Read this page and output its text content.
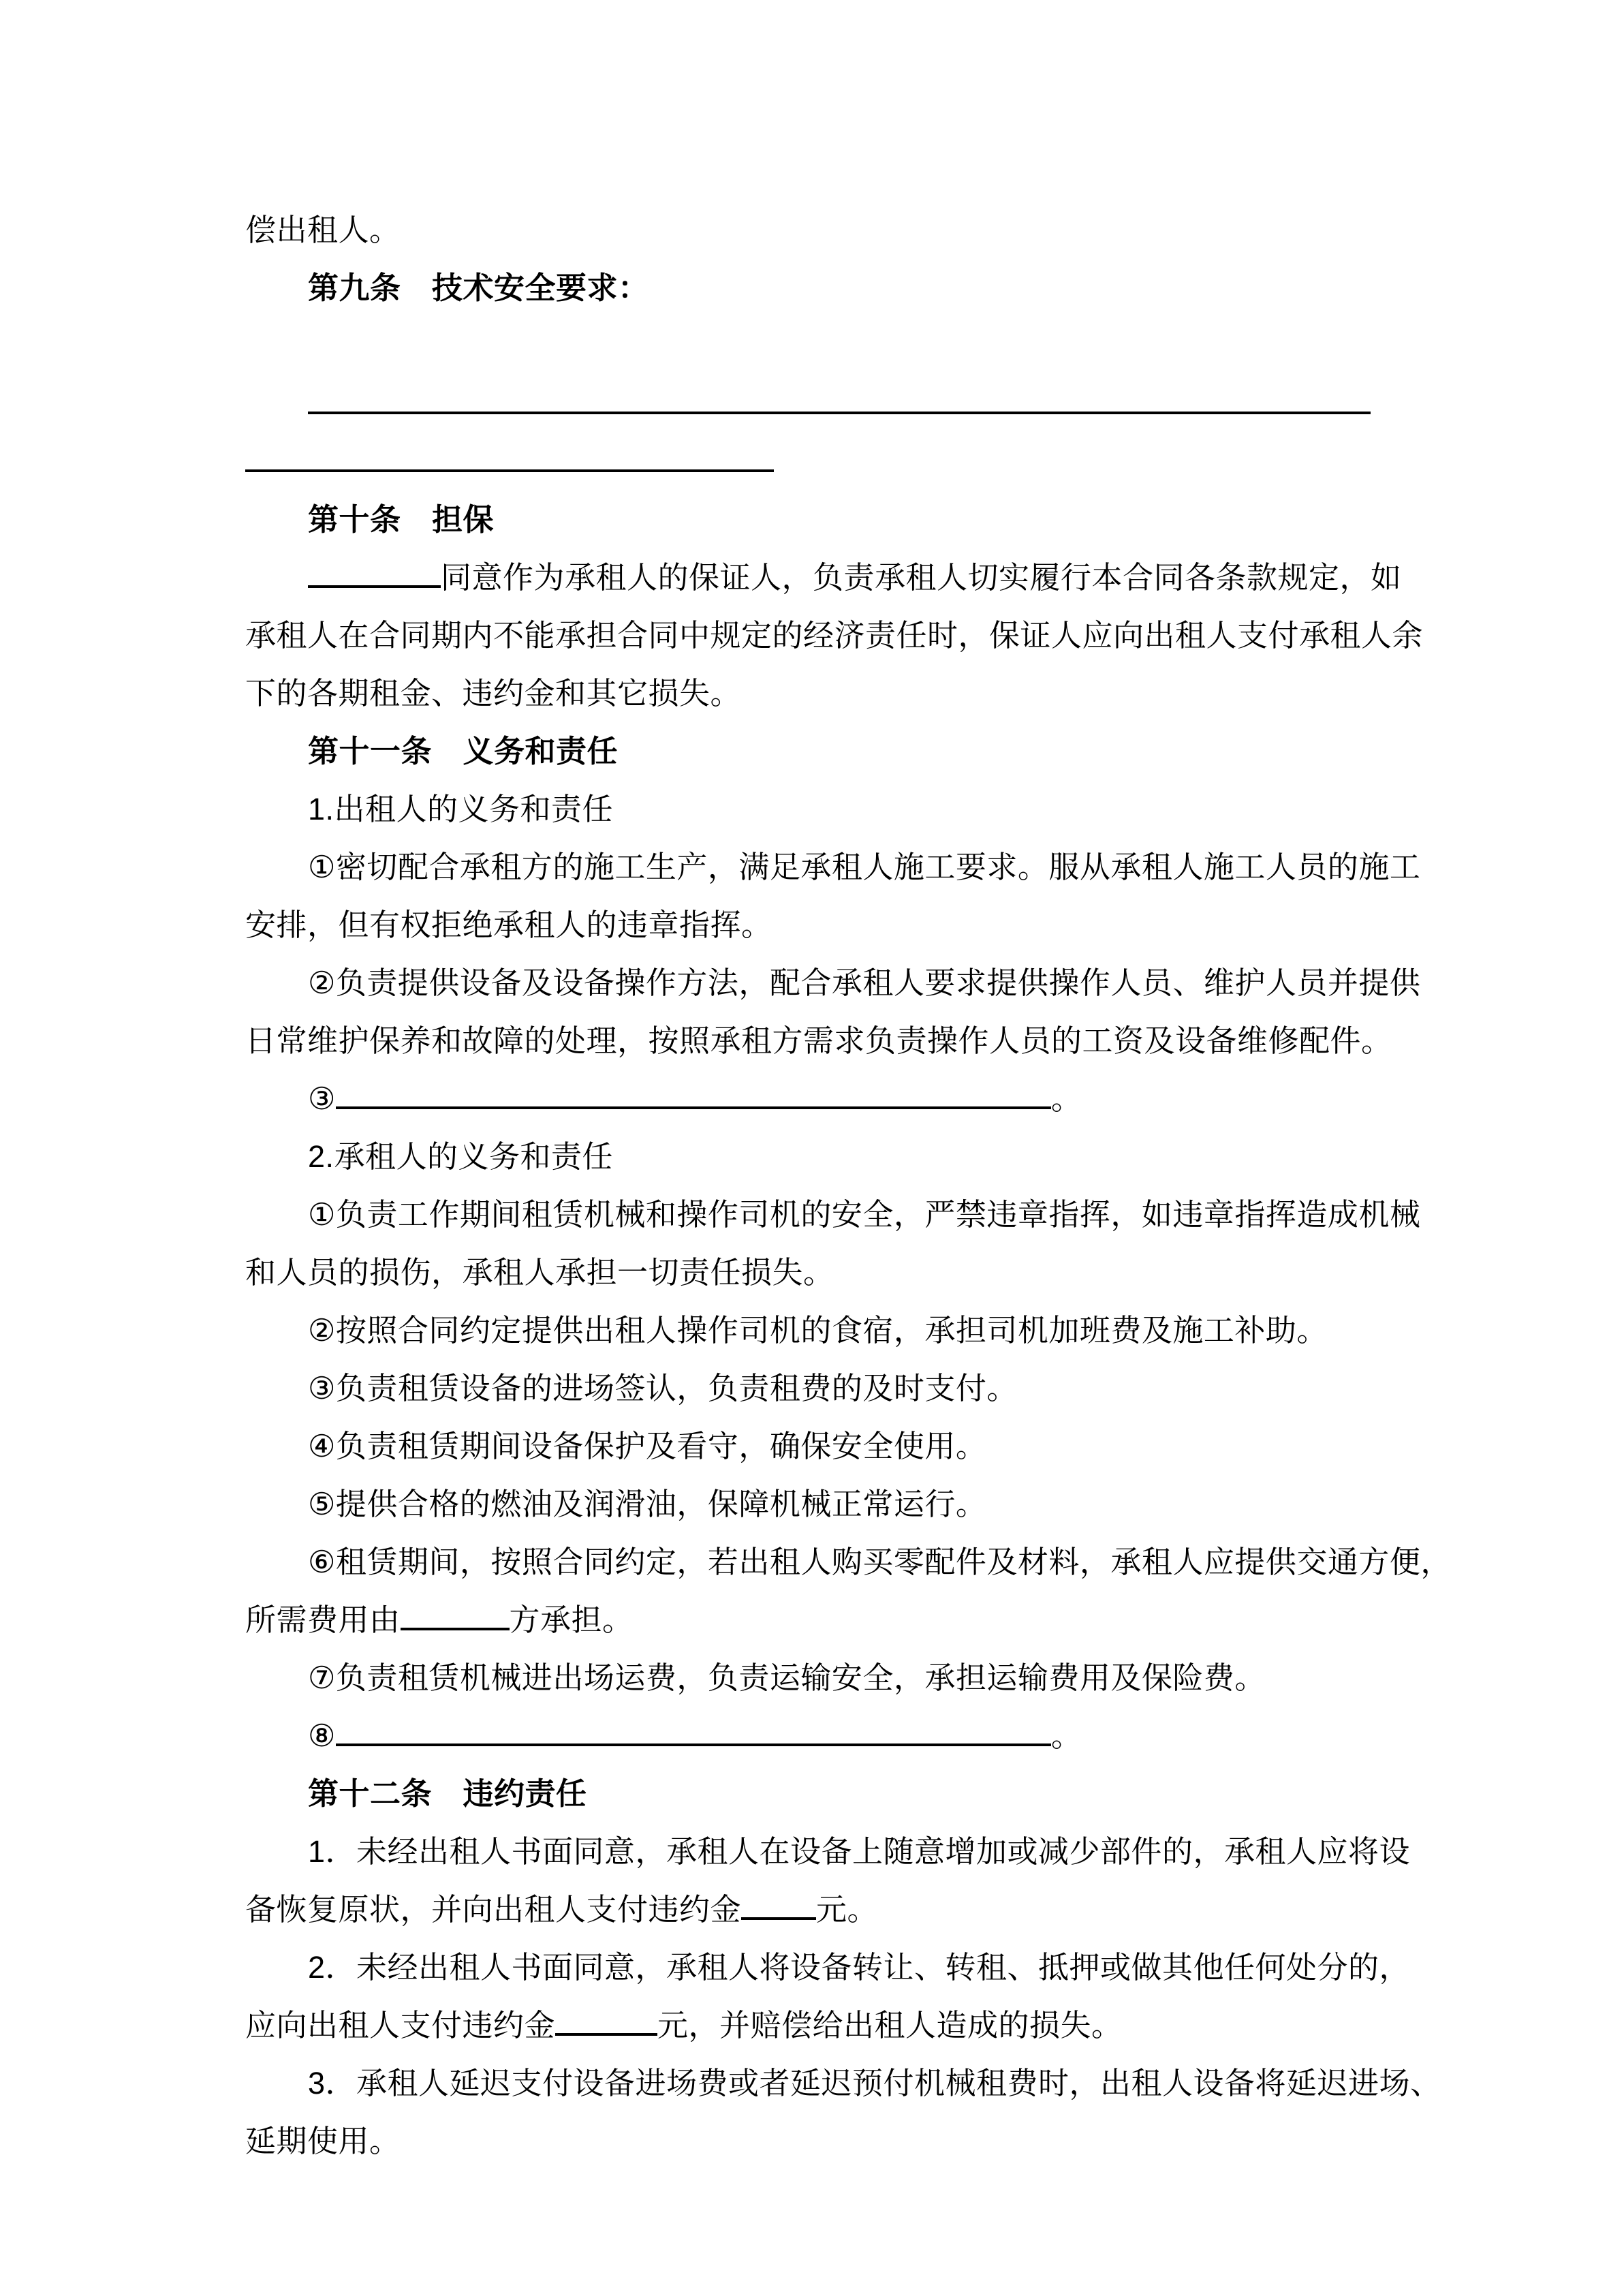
偿出租人。
第九条　技术安全要求：
第十条　担保
同意作为承租人的保证人，负责承租人切实履行本合同各条款规定，如
承租人在合同期内不能承担合同中规定的经济责任时，保证人应向出租人支付承租人余
下的各期租金、违约金和其它损失。
第十一条　义务和责任
1.出租人的义务和责任
①密切配合承租方的施工生产，满足承租人施工要求。服从承租人施工人员的施工
安排，但有权拒绝承租人的违章指挥。
②负责提供设备及设备操作方法，配合承租人要求提供操作人员、维护人员并提供
日常维护保养和故障的处理，按照承租方需求负责操作人员的工资及设备维修配件。
③	。
2.承租人的义务和责任
①负责工作期间租赁机械和操作司机的安全，严禁违章指挥，如违章指挥造成机械
和人员的损伤，承租人承担一切责任损失。
②按照合同约定提供出租人操作司机的食宿，承担司机加班费及施工补助。
③负责租赁设备的进场签认，负责租费的及时支付。
④负责租赁期间设备保护及看守，确保安全使用。
⑤提供合格的燃油及润滑油，保障机械正常运行。
⑥租赁期间，按照合同约定，若出租人购买零配件及材料，承租人应提供交通方便，
所需费用由	方承担。
⑦负责租赁机械进出场运费，负责运输安全，承担运输费用及保险费。
⑧	。
第十二条　违约责任
1．未经出租人书面同意，承租人在设备上随意增加或减少部件的，承租人应将设
备恢复原状，并向出租人支付违约金 元。
2．未经出租人书面同意，承租人将设备转让、转租、抵押或做其他任何处分的，
应向出租人支付违约金	元，并赔偿给出租人造成的损失。
3．承租人延迟支付设备进场费或者延迟预付机械租费时，出租人设备将延迟进场、
延期使用。
